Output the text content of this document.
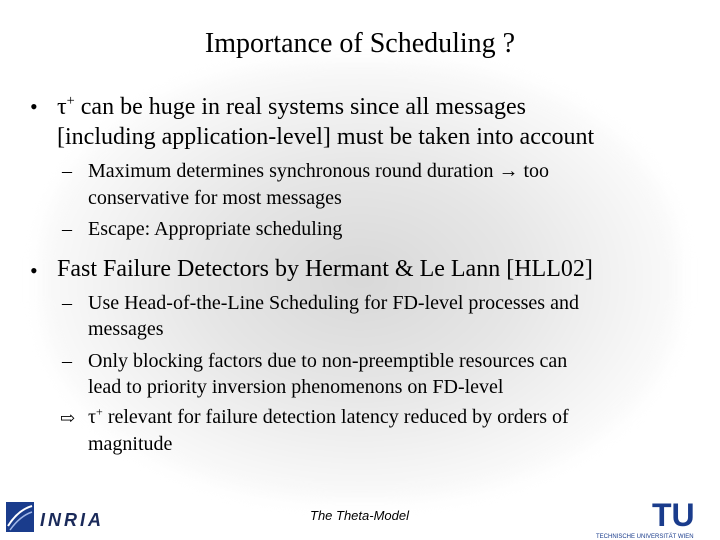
Importance of Scheduling ?
• τ+ can be huge in real systems since all messages
[including application-level] must be taken into account
– Maximum determines synchronous round duration → too
conservative for most messages
– Escape: Appropriate scheduling
• Fast Failure Detectors by Hermant & Le Lann [HLL02]
– Use Head-of-the-Line Scheduling for FD-level processes and
messages
– Only blocking factors due to non-preemptible resources can
lead to priority inversion phenomenons on FD-level
⇨ τ+ relevant for failure detection latency reduced by orders of
magnitude
The Theta-Model
INRIA	TU
TECHNISCHE UNIVERSITÄT WIEN
